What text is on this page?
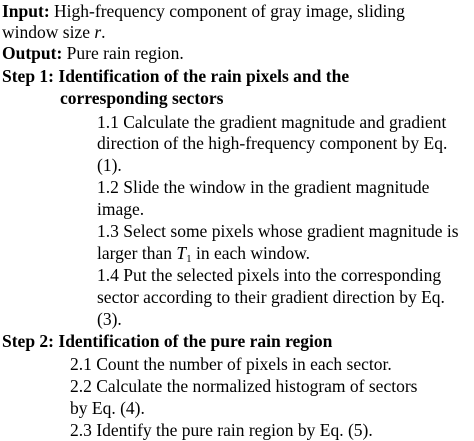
Input: High-frequency component of gray image, sliding
window size r.
Output: Pure rain region.
Step 1: Identification of the rain pixels and the
corresponding sectors
1.1 Calculate the gradient magnitude and gradient
direction of the high-frequency component by Eq.
(1).
1.2 Slide the window in the gradient magnitude
image.
1.3 Select some pixels whose gradient magnitude is
larger than $T_1$ in each window.
1.4 Put the selected pixels into the corresponding
sector according to their gradient direction by Eq.
(3).
Step 2: Identification of the pure rain region
2.1 Count the number of pixels in each sector.
2.2 Calculate the normalized histogram of sectors
by Eq. (4).
2.3 Identify the pure rain region by Eq. (5).
